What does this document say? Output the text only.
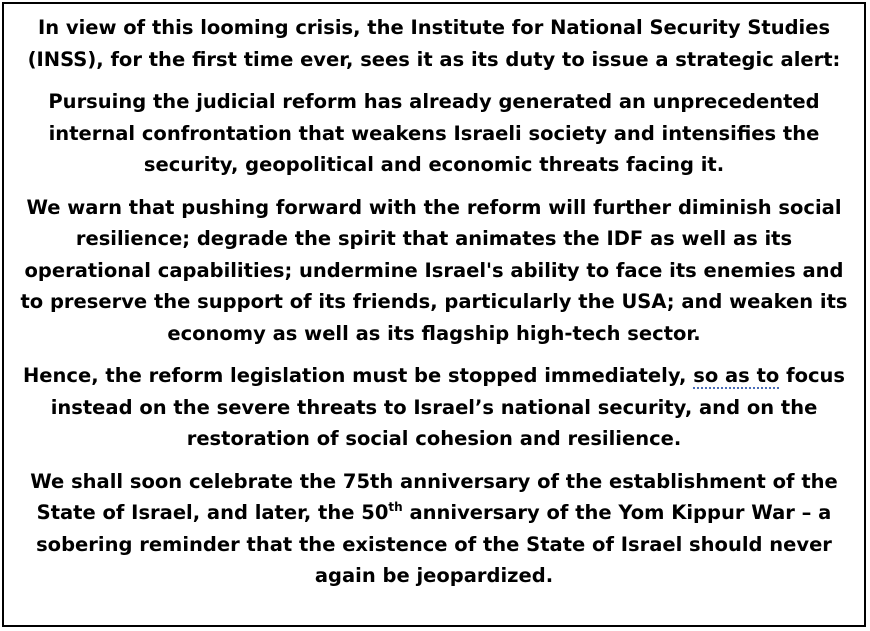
In view of this looming crisis, the Institute for National Security Studies (INSS), for the first time ever, sees it as its duty to issue a strategic alert:

Pursuing the judicial reform has already generated an unprecedented internal confrontation that weakens Israeli society and intensifies the security, geopolitical and economic threats facing it.

We warn that pushing forward with the reform will further diminish social resilience; degrade the spirit that animates the IDF as well as its operational capabilities; undermine Israel's ability to face its enemies and to preserve the support of its friends, particularly the USA; and weaken its economy as well as its flagship high-tech sector.

Hence, the reform legislation must be stopped immediately, so as to focus instead on the severe threats to Israel’s national security, and on the restoration of social cohesion and resilience.

We shall soon celebrate the 75th anniversary of the establishment of the State of Israel, and later, the 50th anniversary of the Yom Kippur War – a sobering reminder that the existence of the State of Israel should never again be jeopardized.
